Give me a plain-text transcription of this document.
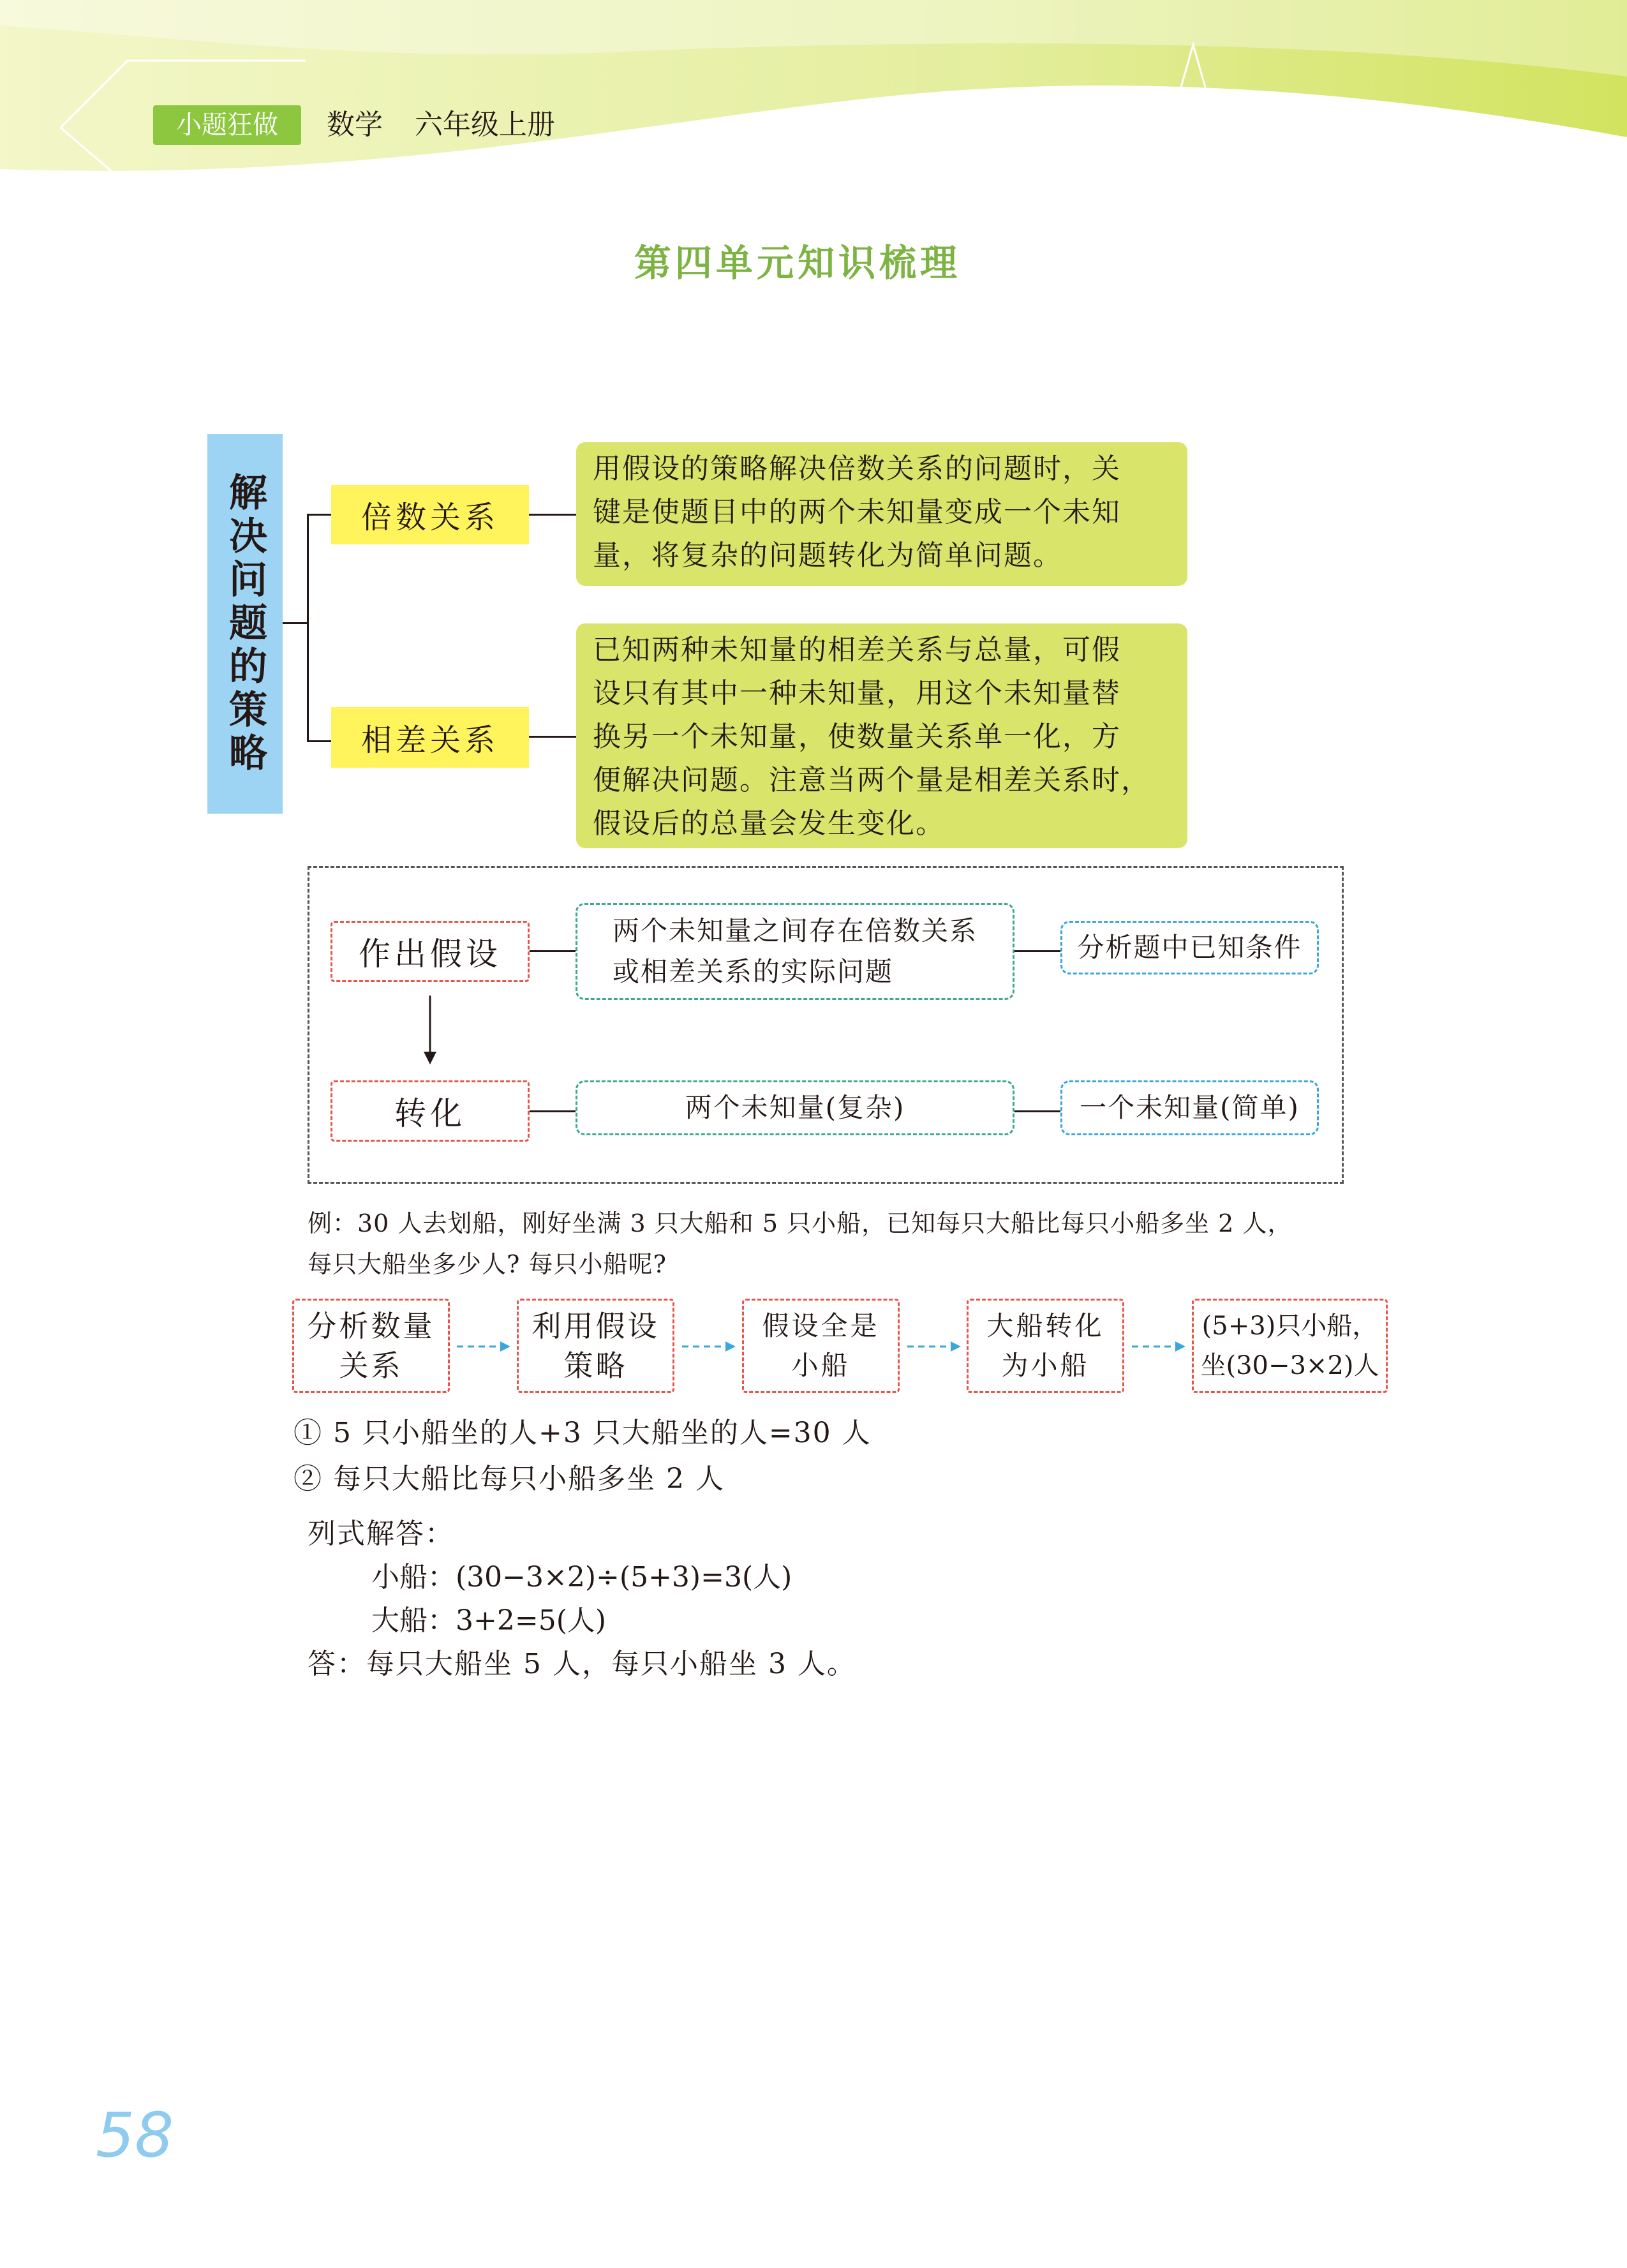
小题狂做	数学 六年级上册
第四单元知识梳理
解决问题的策略	倍数关系
用假设的策略解决倍数关系的问题时，关
键是使题目中的两个未知量变成一个未知
量，将复杂的问题转化为简单问题。
相差关系
已知两种未知量的相差关系与总量，可假
设只有其中一种未知量，用这个未知量替
换另一个未知量，使数量关系单一化，方
便解决问题。注意当两个量是相差关系时，
假设后的总量会发生变化。
作出假设
两个未知量之间存在倍数关系
或相差关系的实际问题
分析题中已知条件
转化	两个未知量(复杂)	一个未知量(简单)
例：30 人去划船，刚好坐满 3 只大船和 5 只小船，已知每只大船比每只小船多坐 2 人，
每只大船坐多少人? 每只小船呢?
分析数量
关系
利用假设
策略
假设全是
小船
大船转化
为小船
(5+3)只小船，
坐(30−3×2)人
① 5 只小船坐的人+3 只大船坐的人=30 人
② 每只大船比每只小船多坐 2 人
列式解答：
小船：(30−3×2)÷(5+3)=3(人)
大船：3+2=5(人)
答：每只大船坐 5 人，每只小船坐 3 人。
58
